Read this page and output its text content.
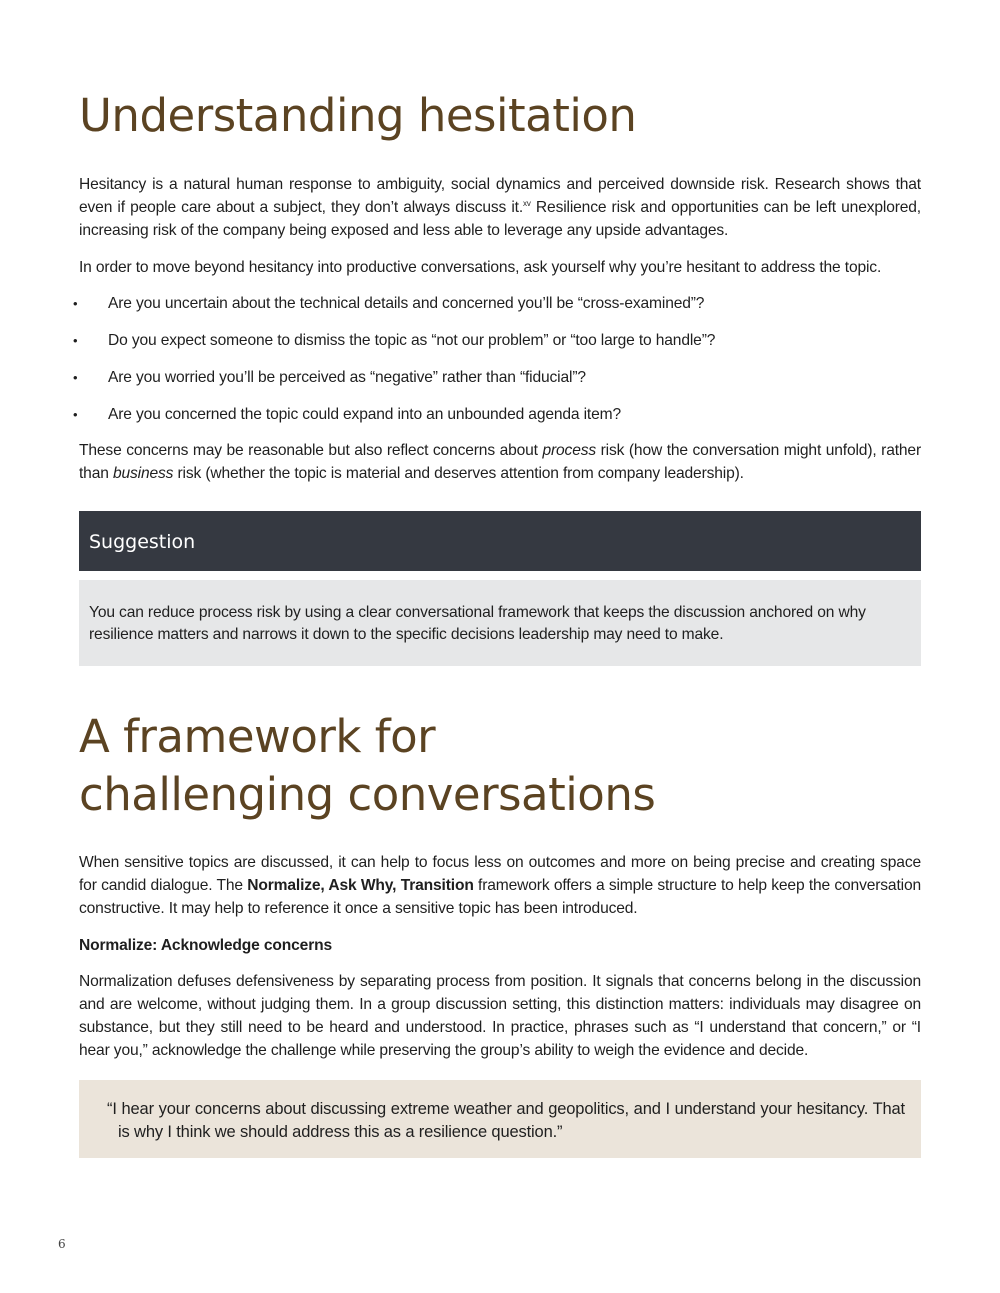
Understanding hesitation

Hesitancy is a natural human response to ambiguity, social dynamics and perceived downside risk. Research shows that even if people care about a subject, they don’t always discuss it.$^{xv}$ Resilience risk and opportunities can be left unexplored, increasing risk of the company being exposed and less able to leverage any upside advantages.

In order to move beyond hesitancy into productive conversations, ask yourself why you’re hesitant to address the topic.

• Are you uncertain about the technical details and concerned you’ll be “cross-examined”?
• Do you expect someone to dismiss the topic as “not our problem” or “too large to handle”?
• Are you worried you’ll be perceived as “negative” rather than “fiducial”?
• Are you concerned the topic could expand into an unbounded agenda item?

These concerns may be reasonable but also reflect concerns about process risk (how the conversation might unfold), rather than business risk (whether the topic is material and deserves attention from company leadership).

Suggestion

You can reduce process risk by using a clear conversational framework that keeps the discussion anchored on why resilience matters and narrows it down to the specific decisions leadership may need to make.

A framework for
challenging conversations

When sensitive topics are discussed, it can help to focus less on outcomes and more on being precise and creating space for candid dialogue. The Normalize, Ask Why, Transition framework offers a simple structure to help keep the conversation constructive. It may help to reference it once a sensitive topic has been introduced.

Normalize: Acknowledge concerns

Normalization defuses defensiveness by separating process from position. It signals that concerns belong in the discussion and are welcome, without judging them. In a group discussion setting, this distinction matters: individuals may disagree on substance, but they still need to be heard and understood. In practice, phrases such as “I understand that concern,” or “I hear you,” acknowledge the challenge while preserving the group’s ability to weigh the evidence and decide.

“I hear your concerns about discussing extreme weather and geopolitics, and I understand your hesitancy. That is why I think we should address this as a resilience question.”

6
